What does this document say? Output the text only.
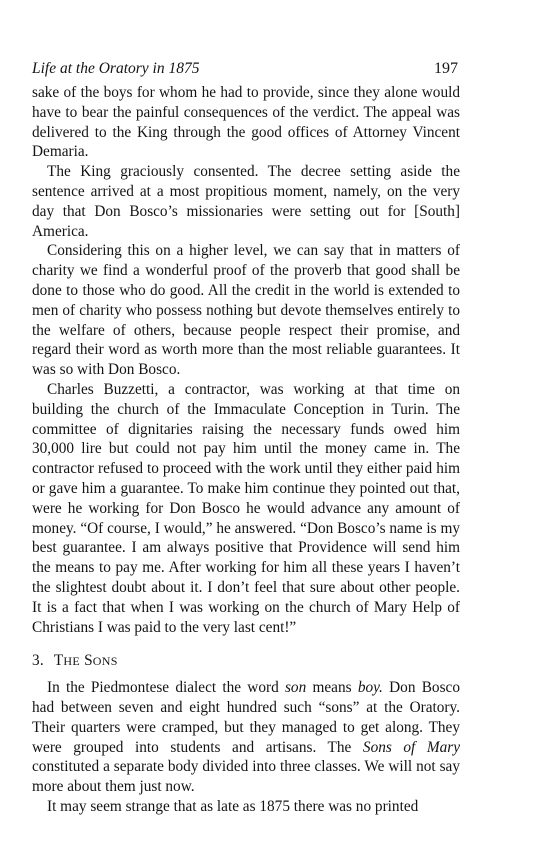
Life at the Oratory in 1875	197

sake of the boys for whom he had to provide, since they alone would have to bear the painful consequences of the verdict. The appeal was delivered to the King through the good offices of Attorney Vincent Demaria.

The King graciously consented. The decree setting aside the sentence arrived at a most propitious moment, namely, on the very day that Don Bosco’s missionaries were setting out for [South] America.

Considering this on a higher level, we can say that in matters of charity we find a wonderful proof of the proverb that good shall be done to those who do good. All the credit in the world is extended to men of charity who possess nothing but devote themselves entirely to the welfare of others, because people respect their promise, and regard their word as worth more than the most reliable guarantees. It was so with Don Bosco.

Charles Buzzetti, a contractor, was working at that time on building the church of the Immaculate Conception in Turin. The committee of dignitaries raising the necessary funds owed him 30,000 lire but could not pay him until the money came in. The contractor refused to proceed with the work until they either paid him or gave him a guarantee. To make him continue they pointed out that, were he working for Don Bosco he would advance any amount of money. “Of course, I would,” he answered. “Don Bosco’s name is my best guarantee. I am always positive that Providence will send him the means to pay me. After working for him all these years I haven’t the slightest doubt about it. I don’t feel that sure about other people. It is a fact that when I was working on the church of Mary Help of Christians I was paid to the very last cent!”

3. THE SONS

In the Piedmontese dialect the word son means boy. Don Bosco had between seven and eight hundred such “sons” at the Oratory. Their quarters were cramped, but they managed to get along. They were grouped into students and artisans. The Sons of Mary constituted a separate body divided into three classes. We will not say more about them just now.

It may seem strange that as late as 1875 there was no printed
